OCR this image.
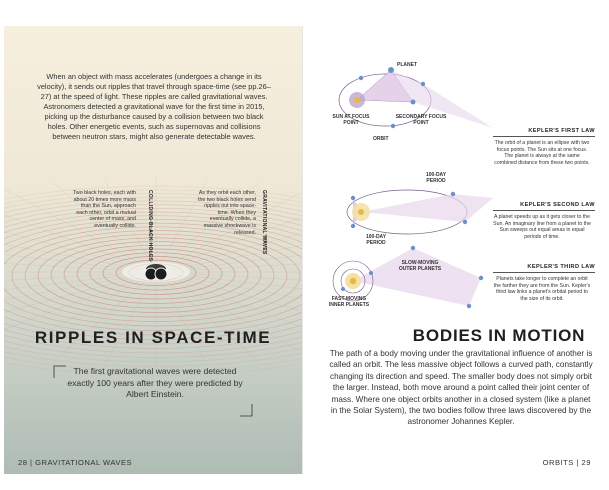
When an object with mass accelerates (undergoes a change in its velocity), it sends out ripples that travel through space-time (see pp.26–27) at the speed of light. These ripples are called gravitational waves. Astronomers detected a gravitational wave for the first time in 2015, picking up the disturbance caused by a collision between two black holes. Other energetic events, such as supernovas and collisions between neutron stars, might also generate detectable waves.
Two black holes, each with about 20 times more mass than the Sun, approach each other, orbit a mutual center of mass, and eventually collide. COLLIDING BLACK HOLES	As they orbit each other, the two black holes send ripples out into space-time. When they eventually collide, a massive shockwave is released. GRAVITATIONAL WAVES
RIPPLES IN SPACE-TIME
The first gravitational waves were detected exactly 100 years after they were predicted by Albert Einstein.
28 | GRAVITATIONAL WAVES
PLANET
SUN AT FOCUS POINT
SECONDARY FOCUS POINT
ORBIT
KEPLER'S FIRST LAW
The orbit of a planet is an ellipse with two focus points. The Sun sits at one focus. The planet is always at the same combined distance from these two points.
100-DAY PERIOD
100-DAY PERIOD
KEPLER'S SECOND LAW
A planet speeds up as it gets closer to the Sun. An imaginary line from a planet to the Sun sweeps out equal areas in equal periods of time.
SLOW-MOVING OUTER PLANETS
FAST-MOVING INNER PLANETS
KEPLER'S THIRD LAW
Planets take longer to complete an orbit the farther they are from the Sun. Kepler's third law links a planet's orbital period to the size of its orbit.
BODIES IN MOTION
The path of a body moving under the gravitational influence of another is called an orbit. The less massive object follows a curved path, constantly changing its direction and speed. The smaller body does not simply orbit the larger. Instead, both move around a point called their joint center of mass. Where one object orbits another in a closed system (like a planet in the Solar System), the two bodies follow three laws discovered by the astronomer Johannes Kepler.
ORBITS | 29
